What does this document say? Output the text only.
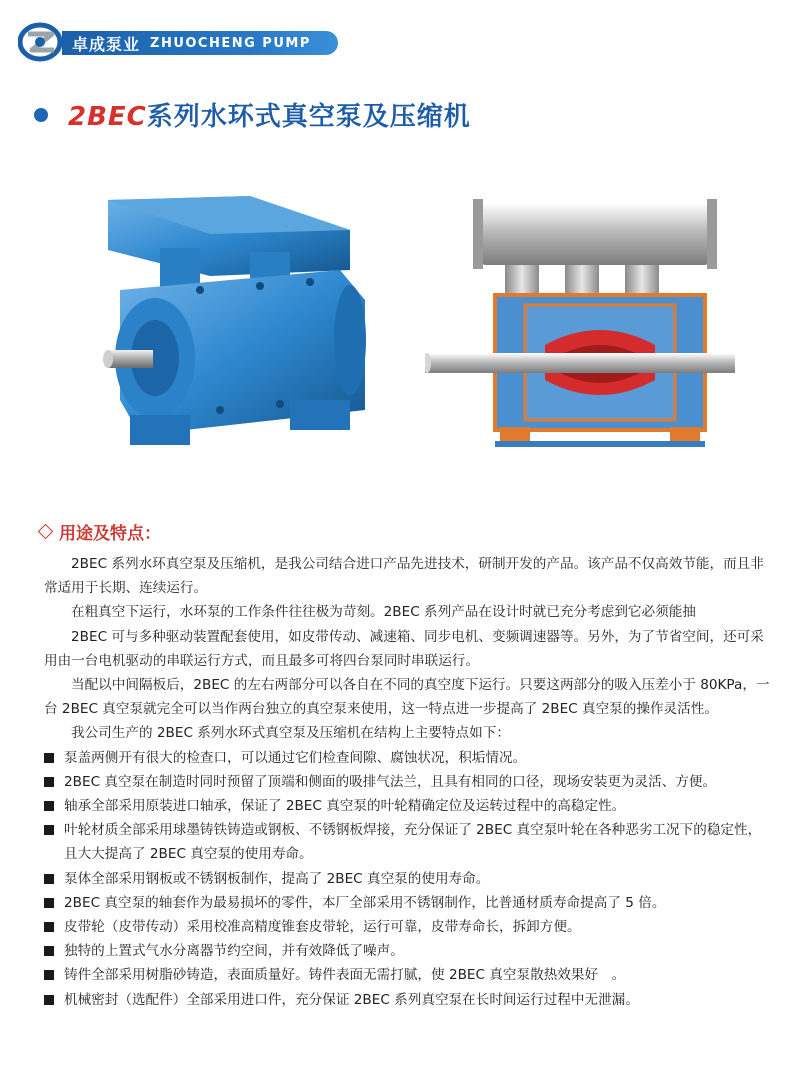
卓成泵业 ZHUOCHENG PUMP
2BEC系列水环式真空泵及压缩机
用途及特点：

2BEC 系列水环真空泵及压缩机，是我公司结合进口产品先进技术，研制开发的产品。该产品不仅高效节能，而且非常适用于长期、连续运行。

在粗真空下运行，水环泵的工作条件往往极为苛刻。2BEC 系列产品在设计时就已充分考虑到它必须能抽

2BEC 可与多种驱动装置配套使用，如皮带传动、减速箱、同步电机、变频调速器等。另外，为了节省空间，还可采用由一台电机驱动的串联运行方式，而且最多可将四台泵同时串联运行。

当配以中间隔板后，2BEC 的左右两部分可以各自在不同的真空度下运行。只要这两部分的吸入压差小于 80KPa，一台 2BEC 真空泵就完全可以当作两台独立的真空泵来使用，这一特点进一步提高了 2BEC 真空泵的操作灵活性。

我公司生产的 2BEC 系列水环式真空泵及压缩机在结构上主要特点如下：

泵盖两侧开有很大的检查口，可以通过它们检查间隙、腐蚀状况，积垢情况。
2BEC 真空泵在制造时同时预留了顶端和侧面的吸排气法兰，且具有相同的口径，现场安装更为灵活、方便。
轴承全部采用原装进口轴承，保证了 2BEC 真空泵的叶轮精确定位及运转过程中的高稳定性。
叶轮材质全部采用球墨铸铁铸造或钢板、不锈钢板焊接，充分保证了 2BEC 真空泵叶轮在各种恶劣工况下的稳定性，且大大提高了 2BEC 真空泵的使用寿命。
泵体全部采用钢板或不锈钢板制作，提高了 2BEC 真空泵的使用寿命。
2BEC 真空泵的轴套作为最易损坏的零件，本厂全部采用不锈钢制作，比普通材质寿命提高了 5 倍。
皮带轮（皮带传动）采用校准高精度锥套皮带轮，运行可靠，皮带寿命长，拆卸方便。
独特的上置式气水分离器节约空间，并有效降低了噪声。
铸件全部采用树脂砂铸造，表面质量好。铸件表面无需打腻，使 2BEC 真空泵散热效果好　。
机械密封（选配件）全部采用进口件，充分保证 2BEC 系列真空泵在长时间运行过程中无泄漏。
